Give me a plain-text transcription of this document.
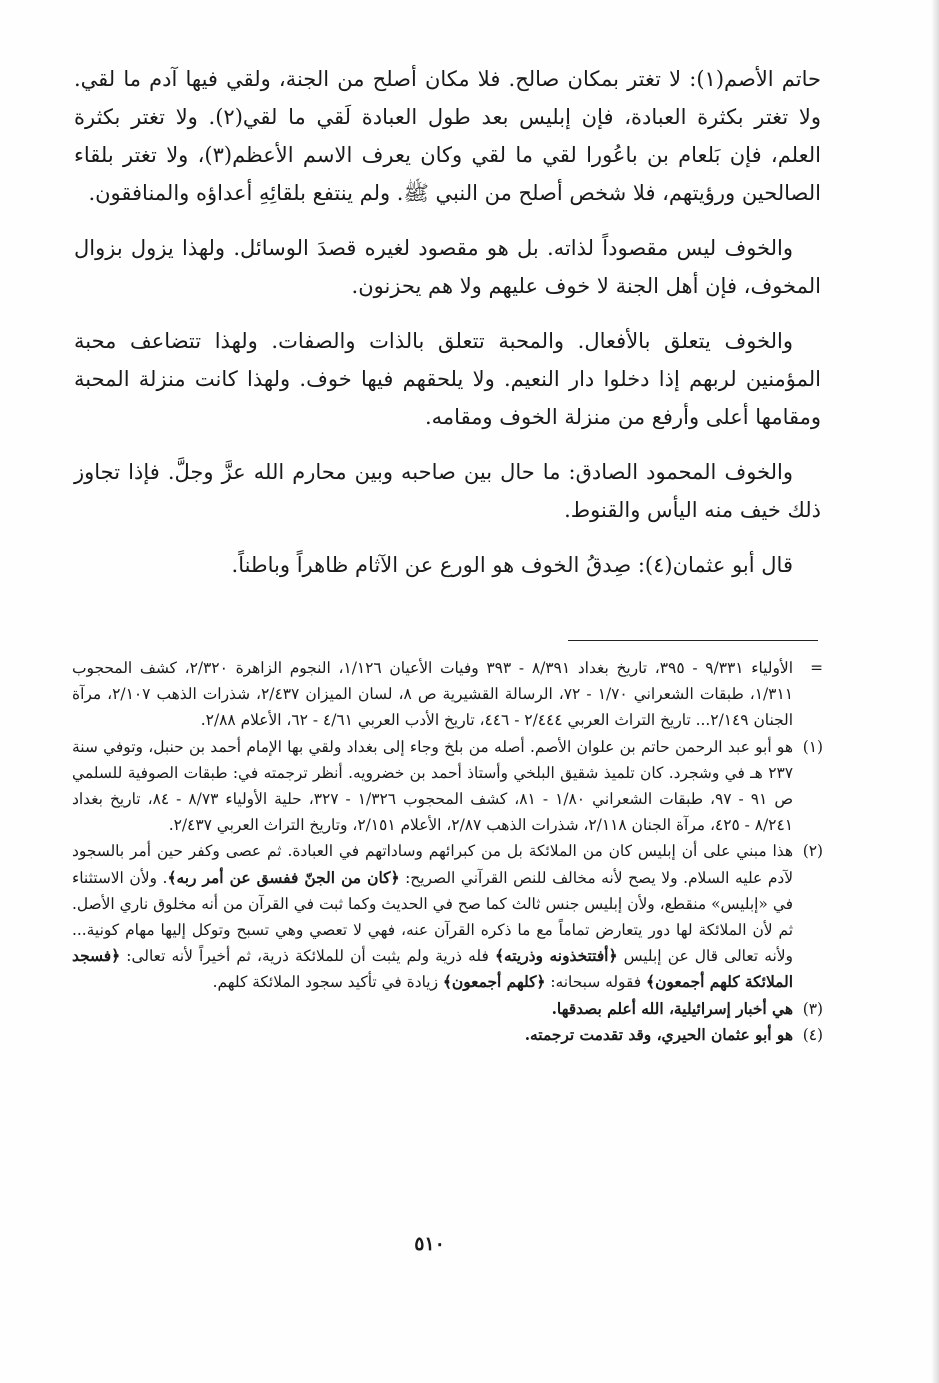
حاتم الأصم(١): لا تغتر بمكان صالح. فلا مكان أصلح من الجنة، ولقي فيها آدم ما لقي. ولا تغتر بكثرة العبادة، فإن إبليس بعد طول العبادة لَقي ما لقي(٢). ولا تغتر بكثرة العلم، فإن بَلعام بن باعُورا لقي ما لقي وكان يعرف الاسم الأعظم(٣)، ولا تغتر بلقاء الصالحين ورؤيتهم، فلا شخص أصلح من النبي ﷺ. ولم ينتفع بلقائِهِ أعداؤه والمنافقون.

والخوف ليس مقصوداً لذاته. بل هو مقصود لغيره قصدَ الوسائل. ولهذا يزول بزوال المخوف، فإن أهل الجنة لا خوف عليهم ولا هم يحزنون.

والخوف يتعلق بالأفعال. والمحبة تتعلق بالذات والصفات. ولهذا تتضاعف محبة المؤمنين لربهم إذا دخلوا دار النعيم. ولا يلحقهم فيها خوف. ولهذا كانت منزلة المحبة ومقامها أعلى وأرفع من منزلة الخوف ومقامه.

والخوف المحمود الصادق: ما حال بين صاحبه وبين محارم الله عزَّ وجلَّ. فإذا تجاوز ذلك خيف منه اليأس والقنوط.

قال أبو عثمان(٤): صِدقُ الخوف هو الورع عن الآثام ظاهراً وباطناً.

=
الأولياء ٩/٣٣١ - ٣٩٥، تاريخ بغداد ٨/٣٩١ - ٣٩٣ وفيات الأعيان ١/١٢٦، النجوم الزاهرة ٢/٣٢٠، كشف المحجوب ١/٣١١، طبقات الشعراني ١/٧٠ - ٧٢، الرسالة القشيرية ص ٨، لسان الميزان ٢/٤٣٧، شذرات الذهب ٢/١٠٧، مرآة الجنان ٢/١٤٩... تاريخ التراث العربي ٢/٤٤٤ - ٤٤٦، تاريخ الأدب العربي ٤/٦١ - ٦٢، الأعلام ٢/٨٨.

(١)
هو أبو عبد الرحمن حاتم بن علوان الأصم. أصله من بلخ وجاء إلى بغداد ولقي بها الإمام أحمد بن حنبل، وتوفي سنة ٢٣٧ هـ في وشجرد. كان تلميذ شقيق البلخي وأستاذ أحمد بن خضرويه. أنظر ترجمته في: طبقات الصوفية للسلمي ص ٩١ - ٩٧، طبقات الشعراني ١/٨٠ - ٨١، كشف المحجوب ١/٣٢٦ - ٣٢٧، حلية الأولياء ٨/٧٣ - ٨٤، تاريخ بغداد ٨/٢٤١ - ٤٢٥، مرآة الجنان ٢/١١٨، شذرات الذهب ٢/٨٧، الأعلام ٢/١٥١، وتاريخ التراث العربي ٢/٤٣٧.

(٢)
هذا مبني على أن إبليس كان من الملائكة بل من كبرائهم وساداتهم في العبادة. ثم عصى وكفر حين أمر بالسجود لآدم عليه السلام. ولا يصح لأنه مخالف للنص القرآني الصريح: ﴿كان من الجنّ ففسق عن أمر ربه﴾. ولأن الاستثناء في «إبليس» منقطع، ولأن إبليس جنس ثالث كما صح في الحديث وكما ثبت في القرآن من أنه مخلوق ناري الأصل. ثم لأن الملائكة لها دور يتعارض تماماً مع ما ذكره القرآن عنه، فهي لا تعصي وهي تسبح وتوكل إليها مهام كونية... ولأنه تعالى قال عن إبليس ﴿أفتتخذونه وذريته﴾ فله ذرية ولم يثبت أن للملائكة ذرية، ثم أخيراً لأنه تعالى: ﴿فسجد الملائكة كلهم أجمعون﴾ فقوله سبحانه: ﴿كلهم أجمعون﴾ زيادة في تأكيد سجود الملائكة كلهم.

(٣)
هي أخبار إسرائيلية، الله أعلم بصدقها.

(٤)
هو أبو عثمان الحيري، وقد تقدمت ترجمته.

٥١٠
